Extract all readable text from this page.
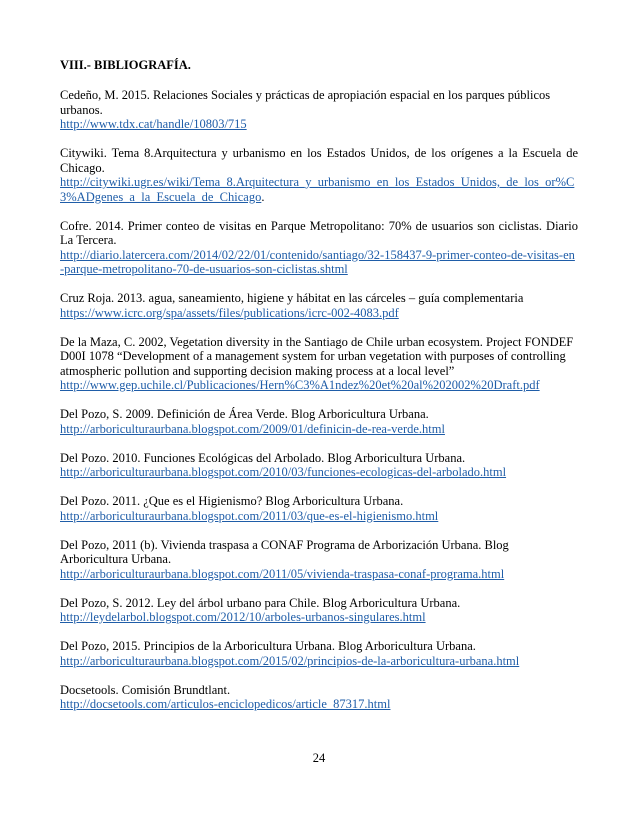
VIII.- BIBLIOGRAFÍA.
Cedeño, M. 2015. Relaciones Sociales y prácticas de apropiación espacial en los parques públicos urbanos.
http://www.tdx.cat/handle/10803/715
Citywiki. Tema 8.Arquitectura y urbanismo en los Estados Unidos, de los orígenes a la Escuela de Chicago.
http://citywiki.ugr.es/wiki/Tema_8.Arquitectura_y_urbanismo_en_los_Estados_Unidos,_de_los_or%C3%ADgenes_a_la_Escuela_de_Chicago.
Cofre. 2014. Primer conteo de visitas en Parque Metropolitano: 70% de usuarios son ciclistas. Diario La Tercera.
http://diario.latercera.com/2014/02/22/01/contenido/santiago/32-158437-9-primer-conteo-de-visitas-en-parque-metropolitano-70-de-usuarios-son-ciclistas.shtml
Cruz Roja. 2013. agua, saneamiento, higiene y hábitat en las cárceles – guía complementaria
https://www.icrc.org/spa/assets/files/publications/icrc-002-4083.pdf
De la Maza, C. 2002, Vegetation diversity in the Santiago de Chile urban ecosystem. Project FONDEF D00I 1078 “Development of a management system for urban vegetation with purposes of controlling atmospheric pollution and supporting decision making process at a local level”
http://www.gep.uchile.cl/Publicaciones/Hern%C3%A1ndez%20et%20al%202002%20Draft.pdf
Del Pozo, S. 2009. Definición de Área Verde. Blog Arboricultura Urbana.
http://arboriculturaurbana.blogspot.com/2009/01/definicin-de-rea-verde.html
Del Pozo. 2010. Funciones Ecológicas del Arbolado. Blog Arboricultura Urbana.
http://arboriculturaurbana.blogspot.com/2010/03/funciones-ecologicas-del-arbolado.html
Del Pozo. 2011. ¿Que es el Higienismo? Blog Arboricultura Urbana.
http://arboriculturaurbana.blogspot.com/2011/03/que-es-el-higienismo.html
Del Pozo, 2011 (b). Vivienda traspasa a CONAF Programa de Arborización Urbana. Blog Arboricultura Urbana.
http://arboriculturaurbana.blogspot.com/2011/05/vivienda-traspasa-conaf-programa.html
Del Pozo, S. 2012. Ley del árbol urbano para Chile. Blog Arboricultura Urbana.
http://leydelarbol.blogspot.com/2012/10/arboles-urbanos-singulares.html
Del Pozo, 2015. Principios de la Arboricultura Urbana. Blog Arboricultura Urbana.
http://arboriculturaurbana.blogspot.com/2015/02/principios-de-la-arboricultura-urbana.html
Docsetools. Comisión Brundtlant.
http://docsetools.com/articulos-enciclopedicos/article_87317.html
24
